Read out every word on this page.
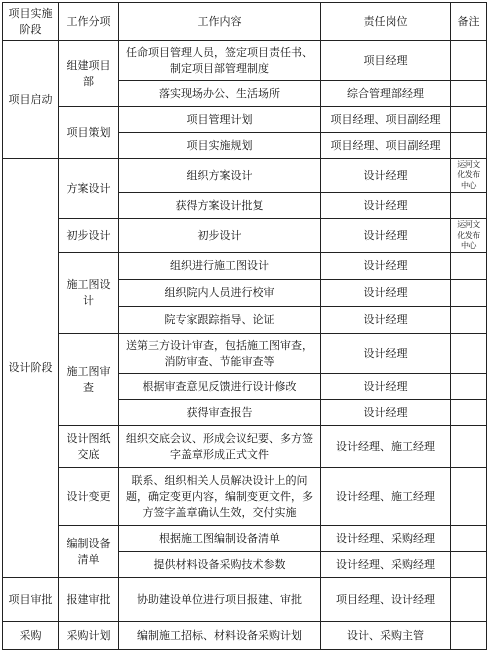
项目实施阶段	工作分项	工作内容	责任岗位	备注
项目启动	组建项目部	任命项目管理人员，签定项目责任书、制定项目部管理制度	项目经理	
		落实现场办公、生活场所	综合管理部经理	
	项目策划	项目管理计划	项目经理、项目副经理	
		项目实施规划	项目经理、项目副经理	
设计阶段	方案设计	组织方案设计	设计经理	运河文化发布中心
		获得方案设计批复	设计经理	
	初步设计	初步设计	设计经理	运河文化发布中心
	施工图设计	组织进行施工图设计	设计经理	
		组织院内人员进行校审	设计经理	
		院专家跟踪指导、论证	设计经理	
	施工图审查	送第三方设计审查，包括施工图审查，消防审查、节能审查等	设计经理	
		根据审查意见反馈进行设计修改	设计经理	
		获得审查报告	设计经理	
	设计图纸交底	组织交底会议、形成会议纪要、多方签字盖章形成正式文件	设计经理、施工经理	
	设计变更	联系、组织相关人员解决设计上的问题，确定变更内容，编制变更文件，多方签字盖章确认生效，交付实施	设计经理、施工经理	
	编制设备清单	根据施工图编制设备清单	设计经理、采购经理	
		提供材料设备采购技术参数	设计经理、采购经理	
项目审批	报建审批	协助建设单位进行项目报建、审批	项目经理、设计经理	
采购	采购计划	编制施工招标、材料设备采购计划	设计、采购主管	
